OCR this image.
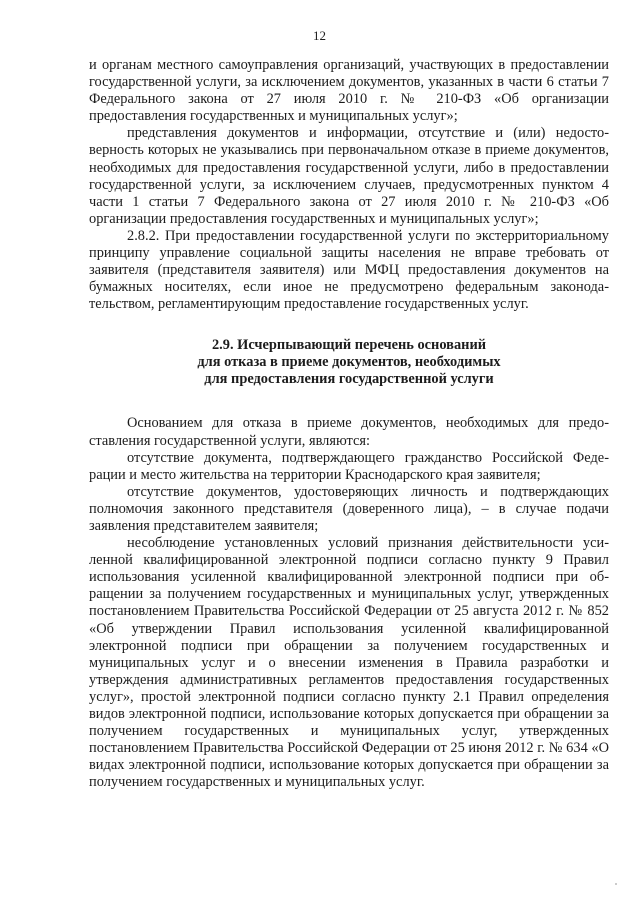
12

и органам местного самоуправления организаций, участвующих в предоставлении государственной услуги, за исключением документов, указанных в части 6 статьи 7 Федерального закона от 27 июля 2010 г. № 210-ФЗ «Об организации предоставления государственных и муниципальных услуг»;

представления документов и информации, отсутствие и (или) недостоверность которых не указывались при первоначальном отказе в приеме документов, необходимых для предоставления государственной услуги, либо в предоставлении государственной услуги, за исключением случаев, предусмотренных пунктом 4 части 1 статьи 7 Федерального закона от 27 июля 2010 г. № 210-ФЗ «Об организации предоставления государственных и муниципальных услуг»;

2.8.2. При предоставлении государственной услуги по экстерриториальному принципу управление социальной защиты населения не вправе требовать от заявителя (представителя заявителя) или МФЦ предоставления документов на бумажных носителях, если иное не предусмотрено федеральным законодательством, регламентирующим предоставление государственных услуг.

2.9. Исчерпывающий перечень оснований
для отказа в приеме документов, необходимых
для предоставления государственной услуги

Основанием для отказа в приеме документов, необходимых для предоставления государственной услуги, являются:

отсутствие документа, подтверждающего гражданство Российской Федерации и место жительства на территории Краснодарского края заявителя;

отсутствие документов, удостоверяющих личность и подтверждающих полномочия законного представителя (доверенного лица), – в случае подачи заявления представителем заявителя;

несоблюдение установленных условий признания действительности усиленной квалифицированной электронной подписи согласно пункту 9 Правил использования усиленной квалифицированной электронной подписи при обращении за получением государственных и муниципальных услуг, утвержденных постановлением Правительства Российской Федерации от 25 августа 2012 г. № 852 «Об утверждении Правил использования усиленной квалифицированной электронной подписи при обращении за получением государственных и муниципальных услуг и о внесении изменения в Правила разработки и утверждения административных регламентов предоставления государственных услуг», простой электронной подписи согласно пункту 2.1 Правил определения видов электронной подписи, использование которых допускается при обращении за получением государственных и муниципальных услуг, утвержденных постановлением Правительства Российской Федерации от 25 июня 2012 г. № 634 «О видах электронной подписи, использование которых допускается при обращении за получением государственных и муниципальных услуг.
